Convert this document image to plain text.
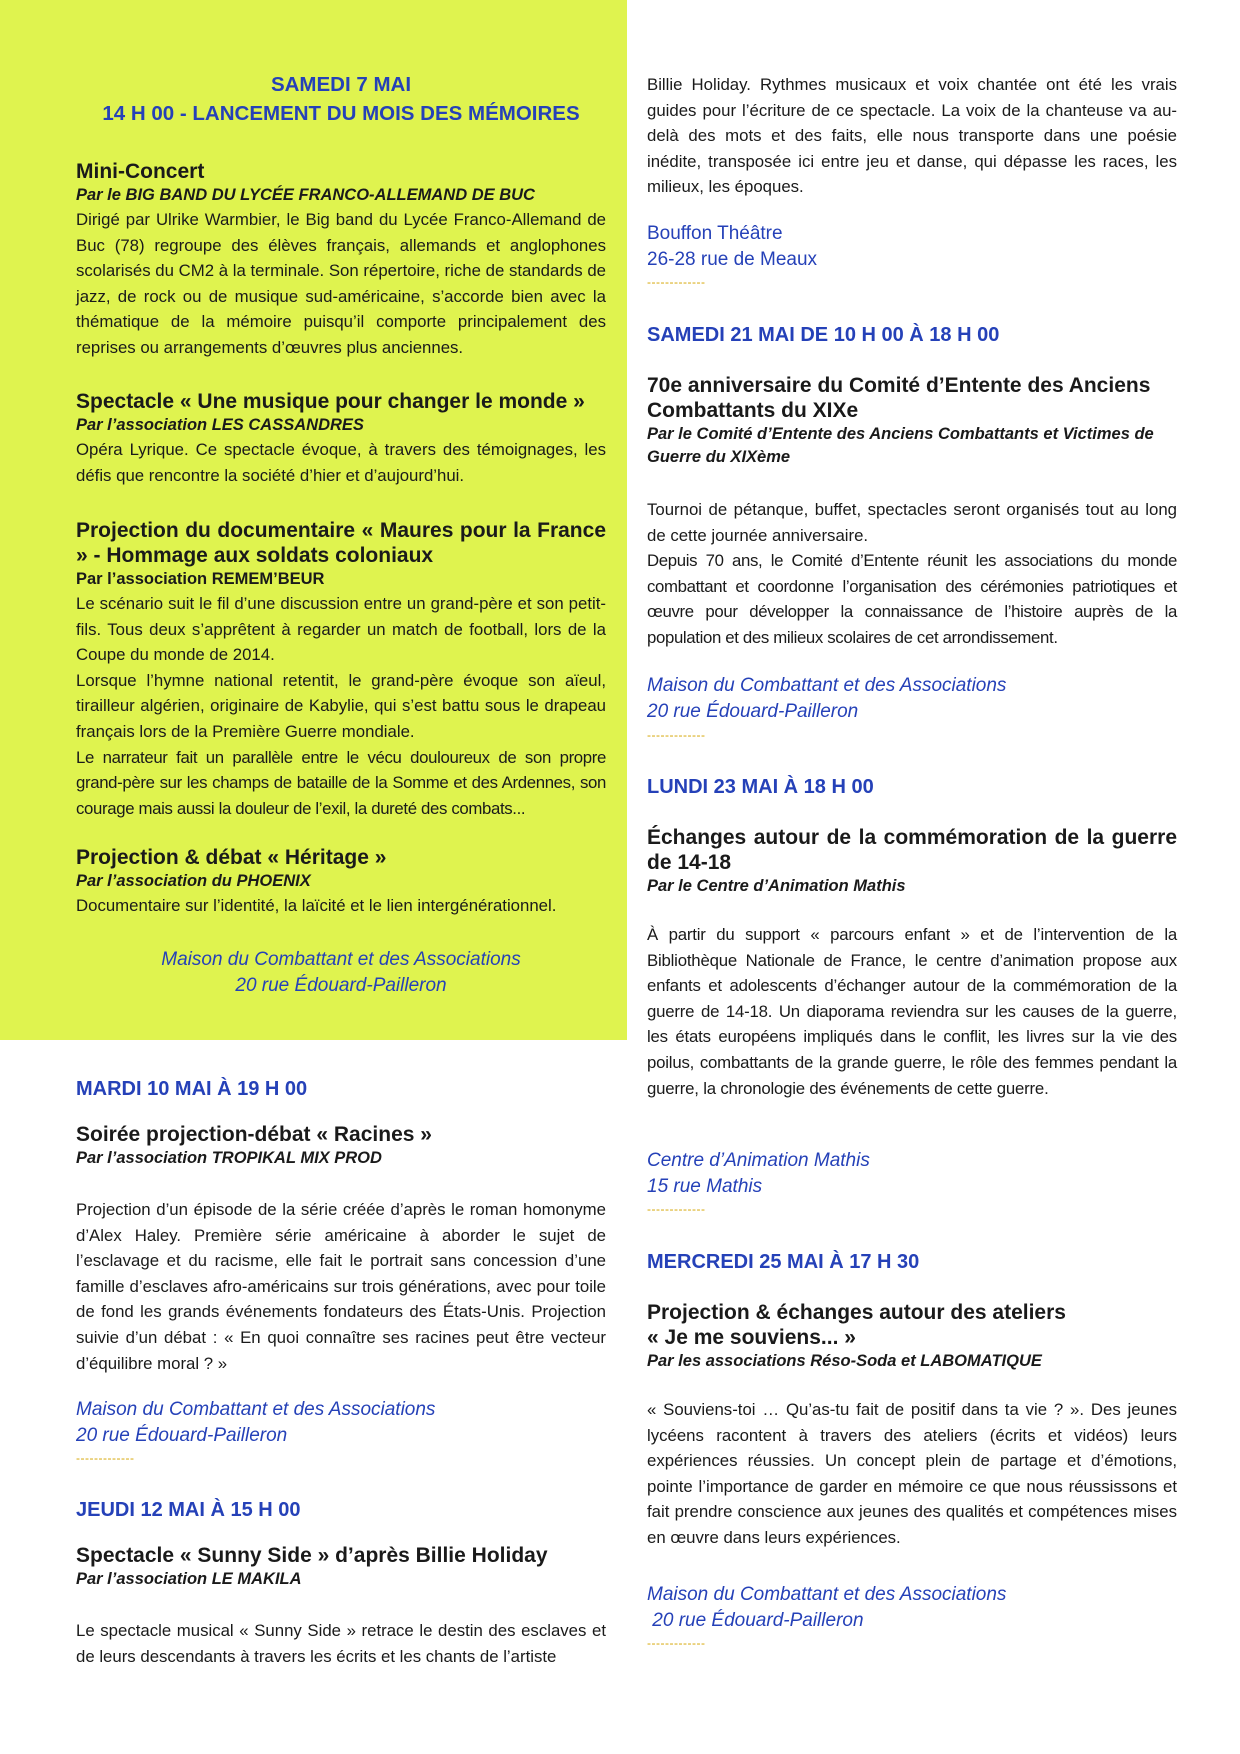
SAMEDI 7 MAI
14 H 00 - LANCEMENT DU MOIS DES MÉMOIRES
Mini-Concert
Par le BIG BAND DU LYCÉE FRANCO-ALLEMAND DE BUC

Dirigé par Ulrike Warmbier, le Big band du Lycée Franco-Allemand de Buc (78) regroupe des élèves français, allemands et anglophones scolarisés du CM2 à la terminale. Son répertoire, riche de standards de jazz, de rock ou de musique sud-américaine, s’accorde bien avec la thématique de la mémoire puisqu’il comporte principalement des reprises ou arrangements d’œuvres plus anciennes.

Spectacle « Une musique pour changer le monde »
Par l’association LES CASSANDRES

Opéra Lyrique. Ce spectacle évoque, à travers des témoignages, les défis que rencontre la société d’hier et d’aujourd’hui.

Projection du documentaire « Maures pour la France » - Hommage aux soldats coloniaux
Par l’association REMEM’BEUR

Le scénario suit le fil d’une discussion entre un grand-père et son petit-fils. Tous deux s’apprêtent à regarder un match de football, lors de la Coupe du monde de 2014.

Lorsque l’hymne national retentit, le grand-père évoque son aïeul, tirailleur algérien, originaire de Kabylie, qui s’est battu sous le drapeau français lors de la Première Guerre mondiale.

Le narrateur fait un parallèle entre le vécu douloureux de son propre grand-père sur les champs de bataille de la Somme et des Ardennes, son courage mais aussi la douleur de l’exil, la dureté des combats...

Projection & débat « Héritage »
Par l’association du PHOENIX

Documentaire sur l’identité, la laïcité et le lien intergénérationnel.

Maison du Combattant et des Associations
20 rue Édouard-Pailleron
MARDI 10 MAI À 19 H 00
Soirée projection-débat « Racines »
Par l’association TROPIKAL MIX PROD

Projection d’un épisode de la série créée d’après le roman homonyme d’Alex Haley. Première série américaine à aborder le sujet de l’esclavage et du racisme, elle fait le portrait sans concession d’une famille d’esclaves afro-américains sur trois générations, avec pour toile de fond les grands événements fondateurs des États-Unis. Projection suivie d’un débat : « En quoi connaître ses racines peut être vecteur d’équilibre moral ? »

Maison du Combattant et des Associations
20 rue Édouard-Pailleron
-------------
JEUDI 12 MAI À 15 H 00
Spectacle « Sunny Side » d’après Billie Holiday
Par l’association LE MAKILA

Le spectacle musical « Sunny Side » retrace le destin des esclaves et de leurs descendants à travers les écrits et les chants de l’artiste

Billie Holiday. Rythmes musicaux et voix chantée ont été les vrais guides pour l’écriture de ce spectacle. La voix de la chanteuse va au-delà des mots et des faits, elle nous transporte dans une poésie inédite, transposée ici entre jeu et danse, qui dépasse les races, les milieux, les époques.

Bouffon Théâtre
26-28 rue de Meaux
-------------
SAMEDI 21 MAI DE 10 H 00 À 18 H 00
70e anniversaire du Comité d’Entente des Anciens Combattants du XIXe
Par le Comité d’Entente des Anciens Combattants et Victimes de Guerre du XIXème

Tournoi de pétanque, buffet, spectacles seront organisés tout au long de cette journée anniversaire.

Depuis 70 ans, le Comité d’Entente réunit les associations du monde combattant et coordonne l’organisation des cérémonies patriotiques et œuvre pour développer la connaissance de l’histoire auprès de la population et des milieux scolaires de cet arrondissement.

Maison du Combattant et des Associations
20 rue Édouard-Pailleron
-------------
LUNDI 23 MAI À 18 H 00
Échanges autour de la commémoration de la guerre de 14-18
Par le Centre d’Animation Mathis

À partir du support « parcours enfant » et de l’intervention de la Bibliothèque Nationale de France, le centre d’animation propose aux enfants et adolescents d’échanger autour de la commémoration de la guerre de 14-18. Un diaporama reviendra sur les causes de la guerre, les états européens impliqués dans le conflit, les livres sur la vie des poilus, combattants de la grande guerre, le rôle des femmes pendant la guerre, la chronologie des événements de cette guerre.

Centre d’Animation Mathis
15 rue Mathis
-------------
MERCREDI 25 MAI À 17 H 30
Projection & échanges autour des ateliers
« Je me souviens... »
Par les associations Réso-Soda et LABOMATIQUE

« Souviens-toi … Qu’as-tu fait de positif dans ta vie ? ». Des jeunes lycéens racontent à travers des ateliers (écrits et vidéos) leurs expériences réussies. Un concept plein de partage et d’émotions, pointe l’importance de garder en mémoire ce que nous réussissons et fait prendre conscience aux jeunes des qualités et compétences mises en œuvre dans leurs expériences.

Maison du Combattant et des Associations
20 rue Édouard-Pailleron
-------------
